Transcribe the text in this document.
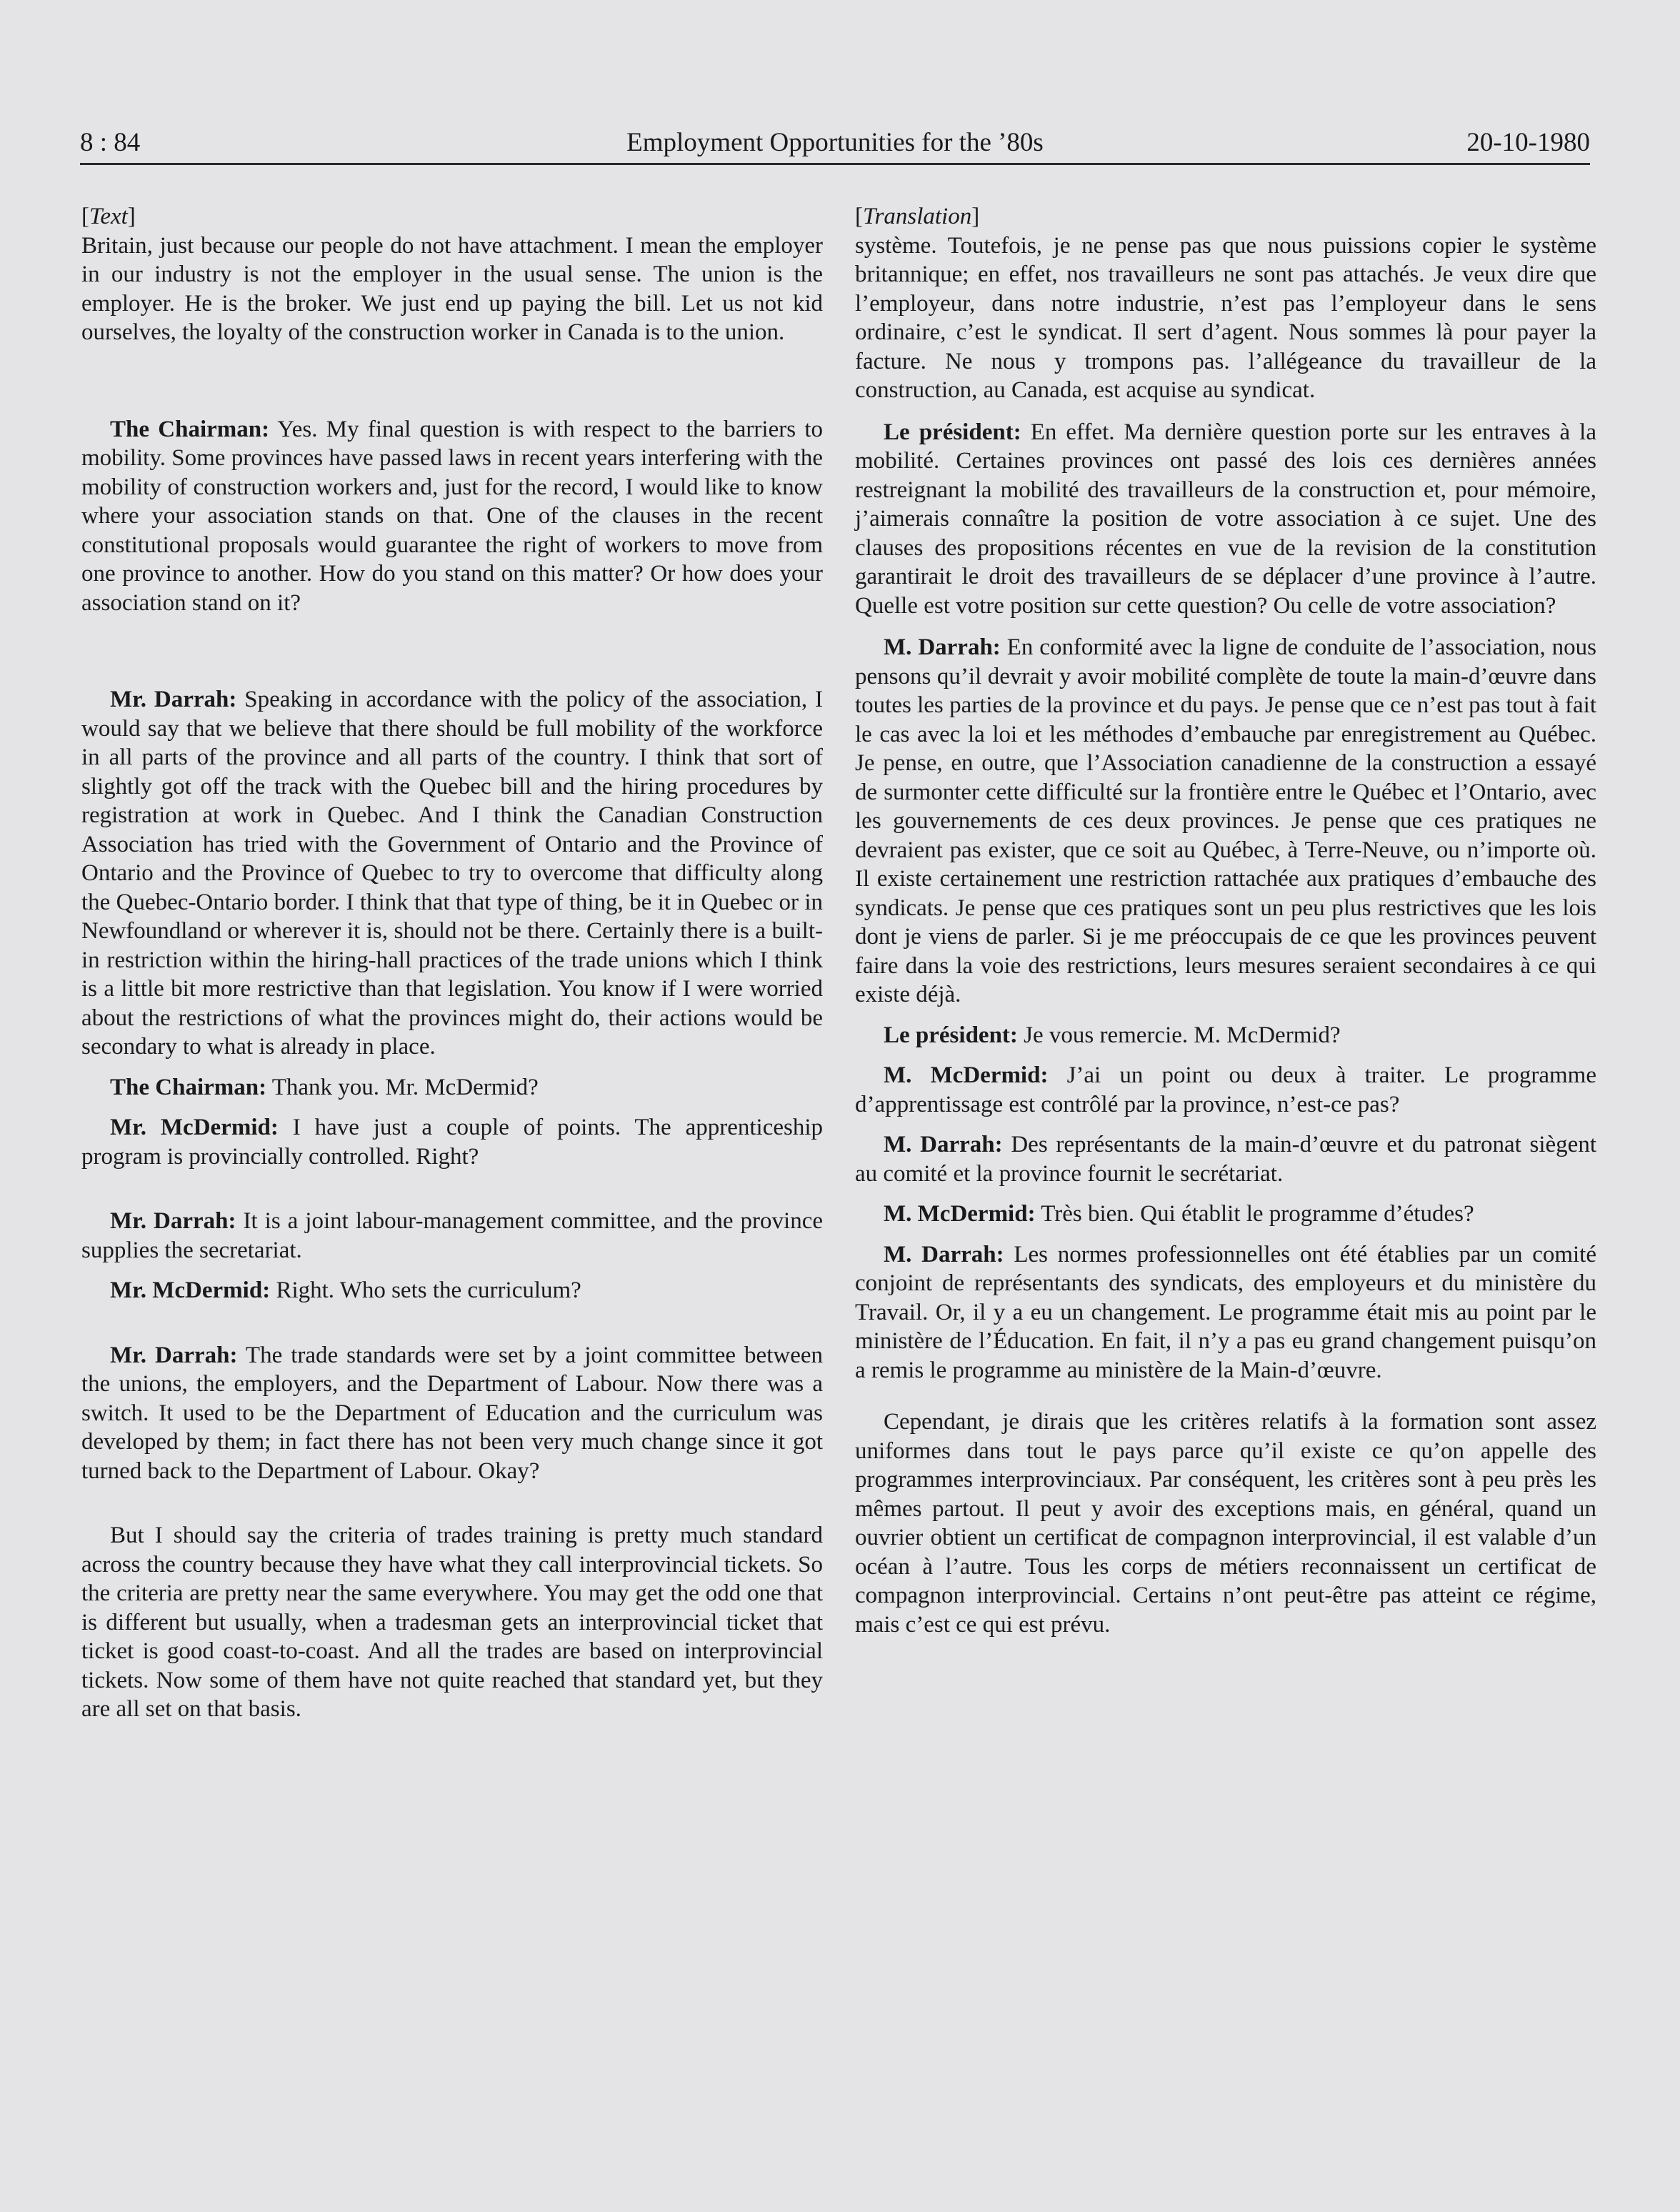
8 : 84	Employment Opportunities for the ’80s	20-10-1980

[Text]

Britain, just because our people do not have attachment. I mean the employer in our industry is not the employer in the usual sense. The union is the employer. He is the broker. We just end up paying the bill. Let us not kid ourselves, the loyalty of the construction worker in Canada is to the union.

The Chairman: Yes. My final question is with respect to the barriers to mobility. Some provinces have passed laws in recent years interfering with the mobility of construction workers and, just for the record, I would like to know where your association stands on that. One of the clauses in the recent constitutional proposals would guarantee the right of workers to move from one province to another. How do you stand on this matter? Or how does your association stand on it?

Mr. Darrah: Speaking in accordance with the policy of the association, I would say that we believe that there should be full mobility of the workforce in all parts of the province and all parts of the country. I think that sort of slightly got off the track with the Quebec bill and the hiring procedures by registration at work in Quebec. And I think the Canadian Construction Association has tried with the Government of Ontario and the Province of Ontario and the Province of Quebec to try to overcome that difficulty along the Quebec-Ontario border. I think that that type of thing, be it in Quebec or in Newfoundland or wherever it is, should not be there. Certainly there is a built-in restriction within the hiring-hall practices of the trade unions which I think is a little bit more restrictive than that legislation. You know if I were worried about the restrictions of what the provinces might do, their actions would be secondary to what is already in place.

The Chairman: Thank you. Mr. McDermid?

Mr. McDermid: I have just a couple of points. The apprenticeship program is provincially controlled. Right?

Mr. Darrah: It is a joint labour-management committee, and the province supplies the secretariat.

Mr. McDermid: Right. Who sets the curriculum?

Mr. Darrah: The trade standards were set by a joint committee between the unions, the employers, and the Department of Labour. Now there was a switch. It used to be the Department of Education and the curriculum was developed by them; in fact there has not been very much change since it got turned back to the Department of Labour. Okay?

But I should say the criteria of trades training is pretty much standard across the country because they have what they call interprovincial tickets. So the criteria are pretty near the same everywhere. You may get the odd one that is different but usually, when a tradesman gets an interprovincial ticket that ticket is good coast-to-coast. And all the trades are based on interprovincial tickets. Now some of them have not quite reached that standard yet, but they are all set on that basis.

[Translation]

système. Toutefois, je ne pense pas que nous puissions copier le système britannique; en effet, nos travailleurs ne sont pas attachés. Je veux dire que l’employeur, dans notre industrie, n’est pas l’employeur dans le sens ordinaire, c’est le syndicat. Il sert d’agent. Nous sommes là pour payer la facture. Ne nous y trompons pas. l’allégeance du travailleur de la construction, au Canada, est acquise au syndicat.

Le président: En effet. Ma dernière question porte sur les entraves à la mobilité. Certaines provinces ont passé des lois ces dernières années restreignant la mobilité des travailleurs de la construction et, pour mémoire, j’aimerais connaître la position de votre association à ce sujet. Une des clauses des propositions récentes en vue de la revision de la constitution garantirait le droit des travailleurs de se déplacer d’une province à l’autre. Quelle est votre position sur cette question? Ou celle de votre association?

M. Darrah: En conformité avec la ligne de conduite de l’association, nous pensons qu’il devrait y avoir mobilité complète de toute la main-d’œuvre dans toutes les parties de la province et du pays. Je pense que ce n’est pas tout à fait le cas avec la loi et les méthodes d’embauche par enregistrement au Québec. Je pense, en outre, que l’Association canadienne de la construction a essayé de surmonter cette difficulté sur la frontière entre le Québec et l’Ontario, avec les gouvernements de ces deux provinces. Je pense que ces pratiques ne devraient pas exister, que ce soit au Québec, à Terre-Neuve, ou n’importe où. Il existe certainement une restriction rattachée aux pratiques d’embauche des syndicats. Je pense que ces pratiques sont un peu plus restrictives que les lois dont je viens de parler. Si je me préoccupais de ce que les provinces peuvent faire dans la voie des restrictions, leurs mesures seraient secondaires à ce qui existe déjà.

Le président: Je vous remercie. M. McDermid?

M. McDermid: J’ai un point ou deux à traiter. Le programme d’apprentissage est contrôlé par la province, n’est-ce pas?

M. Darrah: Des représentants de la main-d’œuvre et du patronat siègent au comité et la province fournit le secrétariat.

M. McDermid: Très bien. Qui établit le programme d’études?

M. Darrah: Les normes professionnelles ont été établies par un comité conjoint de représentants des syndicats, des employeurs et du ministère du Travail. Or, il y a eu un changement. Le programme était mis au point par le ministère de l’Éducation. En fait, il n’y a pas eu grand changement puisqu’on a remis le programme au ministère de la Main-d’œuvre.

Cependant, je dirais que les critères relatifs à la formation sont assez uniformes dans tout le pays parce qu’il existe ce qu’on appelle des programmes interprovinciaux. Par conséquent, les critères sont à peu près les mêmes partout. Il peut y avoir des exceptions mais, en général, quand un ouvrier obtient un certificat de compagnon interprovincial, il est valable d’un océan à l’autre. Tous les corps de métiers reconnaissent un certificat de compagnon interprovincial. Certains n’ont peut-être pas atteint ce régime, mais c’est ce qui est prévu.
